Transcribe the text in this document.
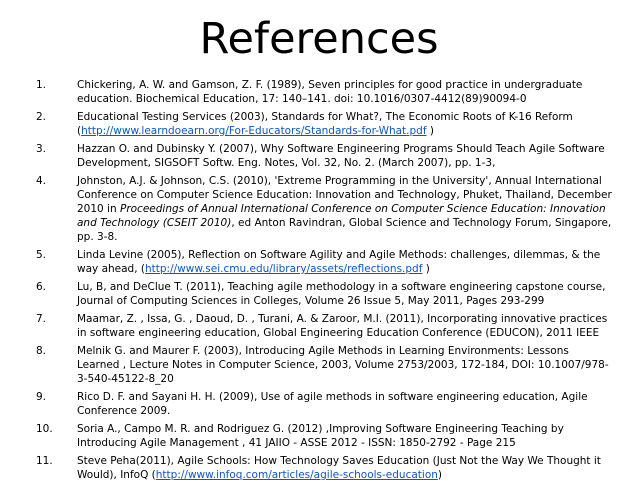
References
1.	Chickering, A. W. and Gamson, Z. F. (1989), Seven principles for good practice in undergraduate education. Biochemical Education, 17: 140–141. doi: 10.1016/0307-4412(89)90094-0
2.	Educational Testing Services (2003), Standards for What?, The Economic Roots of K-16 Reform (http://www.learndoearn.org/For-Educators/Standards-for-What.pdf )
3.	Hazzan O. and Dubinsky Y. (2007), Why Software Engineering Programs Should Teach Agile Software Development, SIGSOFT Softw. Eng. Notes, Vol. 32, No. 2. (March 2007), pp. 1-3,
4.	Johnston, A.J. & Johnson, C.S. (2010), 'Extreme Programming in the University', Annual International Conference on Computer Science Education: Innovation and Technology, Phuket, Thailand, December 2010 in Proceedings of Annual International Conference on Computer Science Education: Innovation and Technology (CSEIT 2010), ed Anton Ravindran, Global Science and Technology Forum, Singapore, pp. 3-8.
5.	Linda Levine (2005), Reflection on Software Agility and Agile Methods: challenges, dilemmas, & the way ahead, (http://www.sei.cmu.edu/library/assets/reflections.pdf )
6.	Lu, B, and DeClue T. (2011), Teaching agile methodology in a software engineering capstone course, Journal of Computing Sciences in Colleges, Volume 26 Issue 5, May 2011, Pages 293-299
7.	Maamar, Z. , Issa, G. , Daoud, D. , Turani, A. & Zaroor, M.I. (2011), Incorporating innovative practices in software engineering education, Global Engineering Education Conference (EDUCON), 2011 IEEE
8.	Melnik G. and Maurer F. (2003), Introducing Agile Methods in Learning Environments: Lessons Learned , Lecture Notes in Computer Science, 2003, Volume 2753/2003, 172-184, DOI: 10.1007/978-3-540-45122-8_20
9.	Rico D. F. and Sayani H. H. (2009), Use of agile methods in software engineering education, Agile Conference 2009.
10. Soria A., Campo M. R. and Rodriguez G. (2012) ,Improving Software Engineering Teaching by Introducing Agile Management , 41 JAIIO - ASSE 2012 - ISSN: 1850-2792 - Page 215
11. Steve Peha(2011), Agile Schools: How Technology Saves Education (Just Not the Way We Thought it Would), InfoQ (http://www.infoq.com/articles/agile-schools-education)
